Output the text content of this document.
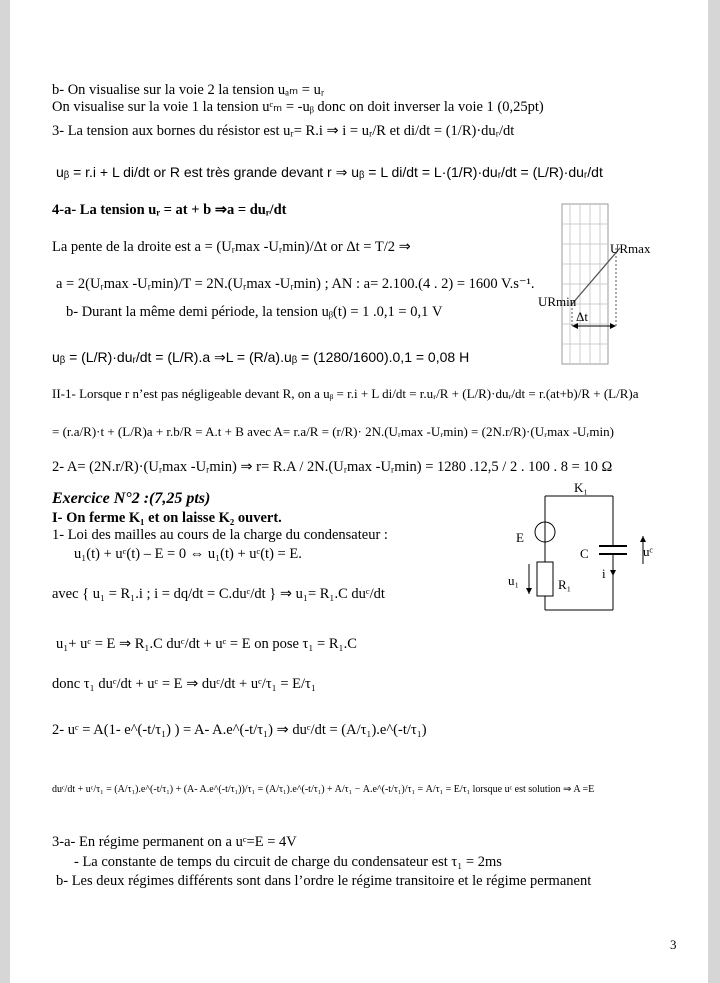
b- On visualise sur la voie 2 la tension uₐₘ = uᵣ
On visualise sur la voie 1 la tension uᶜₘ = -uᵦ donc on doit inverser la voie 1 (0,25pt)
3- La tension aux bornes du résistor est uᵣ= R.i ⇒ i = uᵣ/R et di/dt = (1/R)·duᵣ/dt
uᵦ = r.i + L di/dt or R est très grande devant r ⇒ uᵦ = L di/dt = L·(1/R)·duᵣ/dt = (L/R)·duᵣ/dt
4-a- La tension uᵣ = at + b ⇒a = duᵣ/dt
La pente de la droite est a = (Uᵣmax -Uᵣmin)/Δt or Δt = T/2 ⇒
a = 2(Uᵣmax -Uᵣmin)/T = 2N.(Uᵣmax -Uᵣmin) ; AN : a= 2.100.(4 . 2) = 1600 V.s⁻¹.
b- Durant la même demi période, la tension uᵦ(t) = 1 .0,1 = 0,1 V
uᵦ = (L/R)·duᵣ/dt = (L/R).a ⇒L = (R/a).uᵦ = (1280/1600).0,1 = 0,08 H
II-1- Lorsque r n’est pas négligeable devant R, on a uᵦ = r.i + L di/dt = r.uᵣ/R + (L/R)·duᵣ/dt = r.(at+b)/R + (L/R)a
= (r.a/R)·t + (L/R)a + r.b/R = A.t + B avec A= r.a/R = (r/R)· 2N.(Uᵣmax -Uᵣmin) = (2N.r/R)·(Uᵣmax -Uᵣmin)
2- A= (2N.r/R)·(Uᵣmax -Uᵣmin) ⇒ r= R.A / 2N.(Uᵣmax -Uᵣmin) = 1280 .12,5 / 2 . 100 . 8 = 10 Ω
Exercice N°2 :(7,25 pts)
I- On ferme K₁ et on laisse K₂ ouvert.
1- Loi des mailles au cours de la charge du condensateur :
u₁(t) + uᶜ(t) – E = 0 ⇔ u₁(t) + uᶜ(t) = E.
avec { u₁ = R₁.i ; i = dq/dt = C.duᶜ/dt } ⇒ u₁= R₁.C duᶜ/dt
u₁+ uᶜ = E ⇒ R₁.C duᶜ/dt + uᶜ = E on pose τ₁ = R₁.C
donc τ₁ duᶜ/dt + uᶜ = E ⇒ duᶜ/dt + uᶜ/τ₁ = E/τ₁
2- uᶜ = A(1- e^(-t/τ₁) ) = A- A.e^(-t/τ₁) ⇒ duᶜ/dt = (A/τ₁).e^(-t/τ₁)
duᶜ/dt + uᶜ/τ₁ = (A/τ₁).e^(-t/τ₁) + (A- A.e^(-t/τ₁))/τ₁ = (A/τ₁).e^(-t/τ₁) + A/τ₁ − A.e^(-t/τ₁)/τ₁ = A/τ₁ = E/τ₁ lorsque uᶜ est solution ⇒ A =E
3-a- En régime permanent on a uᶜ=E = 4V
- La constante de temps du circuit de charge du condensateur est τ₁ = 2ms
b- Les deux régimes différents sont dans l’ordre le régime transitoire et le régime permanent
URmax
URmin
Δt
K₁
E
C	uᶜ
u₁	R₁
i
3
